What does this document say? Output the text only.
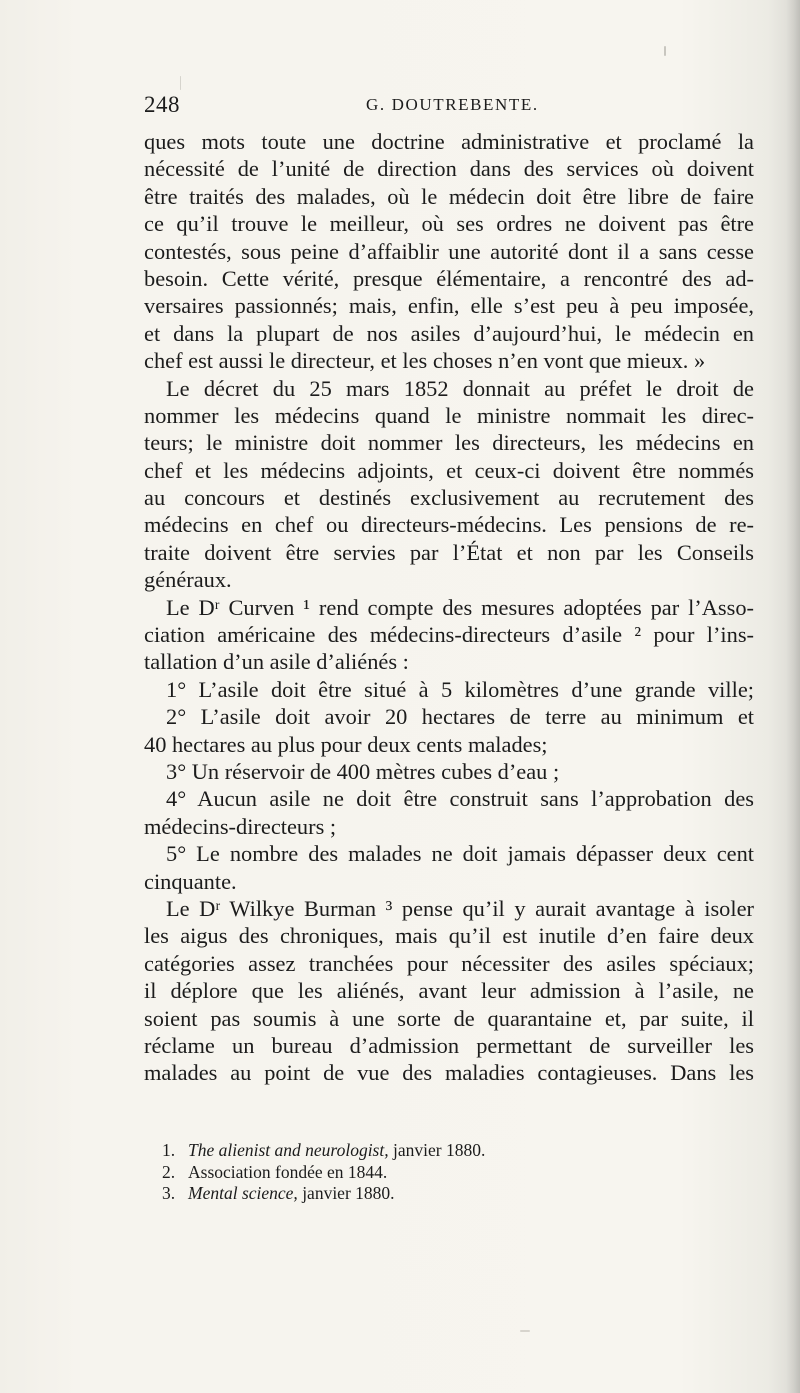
248	G. DOUTREBENTE.
ques mots toute une doctrine administrative et proclamé la
nécessité de l’unité de direction dans des services où doivent
être traités des malades, où le médecin doit être libre de faire
ce qu’il trouve le meilleur, où ses ordres ne doivent pas être
contestés, sous peine d’affaiblir une autorité dont il a sans cesse
besoin. Cette vérité, presque élémentaire, a rencontré des ad-
versaires passionnés; mais, enfin, elle s’est peu à peu imposée,
et dans la plupart de nos asiles d’aujourd’hui, le médecin en
chef est aussi le directeur, et les choses n’en vont que mieux. »
Le décret du 25 mars 1852 donnait au préfet le droit de
nommer les médecins quand le ministre nommait les direc-
teurs; le ministre doit nommer les directeurs, les médecins en
chef et les médecins adjoints, et ceux-ci doivent être nommés
au concours et destinés exclusivement au recrutement des
médecins en chef ou directeurs-médecins. Les pensions de re-
traite doivent être servies par l’État et non par les Conseils
généraux.
Le Dʳ Curven ¹ rend compte des mesures adoptées par l’Asso-
ciation américaine des médecins-directeurs d’asile ² pour l’ins-
tallation d’un asile d’aliénés :
1° L’asile doit être situé à 5 kilomètres d’une grande ville;
2° L’asile doit avoir 20 hectares de terre au minimum et
40 hectares au plus pour deux cents malades;
3° Un réservoir de 400 mètres cubes d’eau ;
4° Aucun asile ne doit être construit sans l’approbation des
médecins-directeurs ;
5° Le nombre des malades ne doit jamais dépasser deux cent
cinquante.
Le Dʳ Wilkye Burman ³ pense qu’il y aurait avantage à isoler
les aigus des chroniques, mais qu’il est inutile d’en faire deux
catégories assez tranchées pour nécessiter des asiles spéciaux;
il déplore que les aliénés, avant leur admission à l’asile, ne
soient pas soumis à une sorte de quarantaine et, par suite, il
réclame un bureau d’admission permettant de surveiller les
malades au point de vue des maladies contagieuses. Dans les
1. The alienist and neurologist, janvier 1880.
2. Association fondée en 1844.
3. Mental science, janvier 1880.
